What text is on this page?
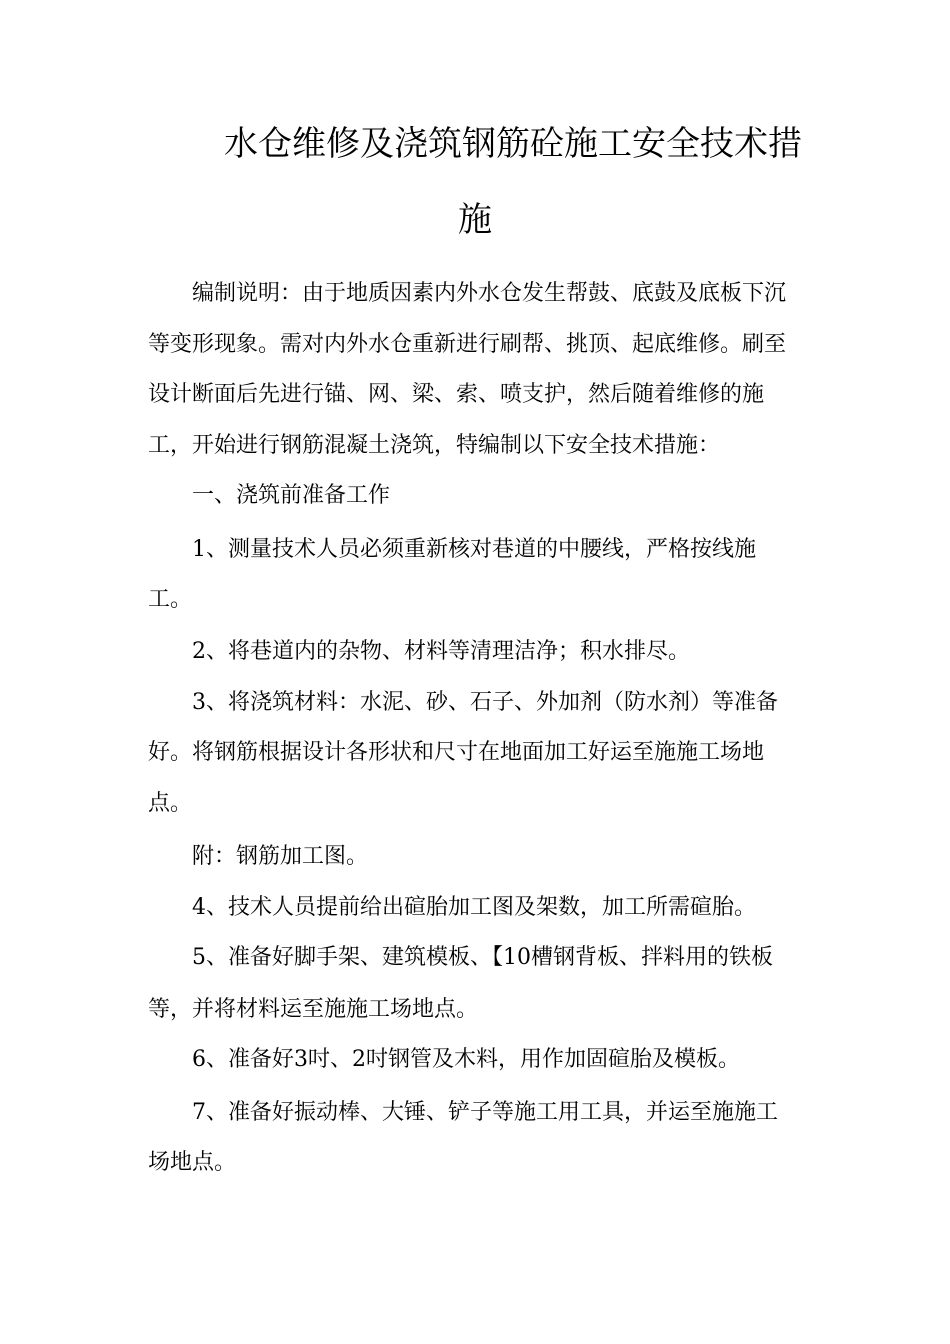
水仓维修及浇筑钢筋砼施工安全技术措
施
编制说明：由于地质因素内外水仓发生帮鼓、底鼓及底板下沉
等变形现象。需对内外水仓重新进行刷帮、挑顶、起底维修。刷至
设计断面后先进行锚、网、梁、索、喷支护，然后随着维修的施
工，开始进行钢筋混凝土浇筑，特编制以下安全技术措施：
一、浇筑前准备工作
1、测量技术人员必须重新核对巷道的中腰线，严格按线施
工。
2、将巷道内的杂物、材料等清理洁净；积水排尽。
3、将浇筑材料：水泥、砂、石子、外加剂（防水剂）等准备
好。将钢筋根据设计各形状和尺寸在地面加工好运至施施工场地
点。
附：钢筋加工图。
4、技术人员提前给出碹胎加工图及架数，加工所需碹胎。
5、准备好脚手架、建筑模板、【10槽钢背板、拌料用的铁板
等，并将材料运至施施工场地点。
6、准备好3吋、2吋钢管及木料，用作加固碹胎及模板。
7、准备好振动棒、大锤、铲子等施工用工具，并运至施施工
场地点。
